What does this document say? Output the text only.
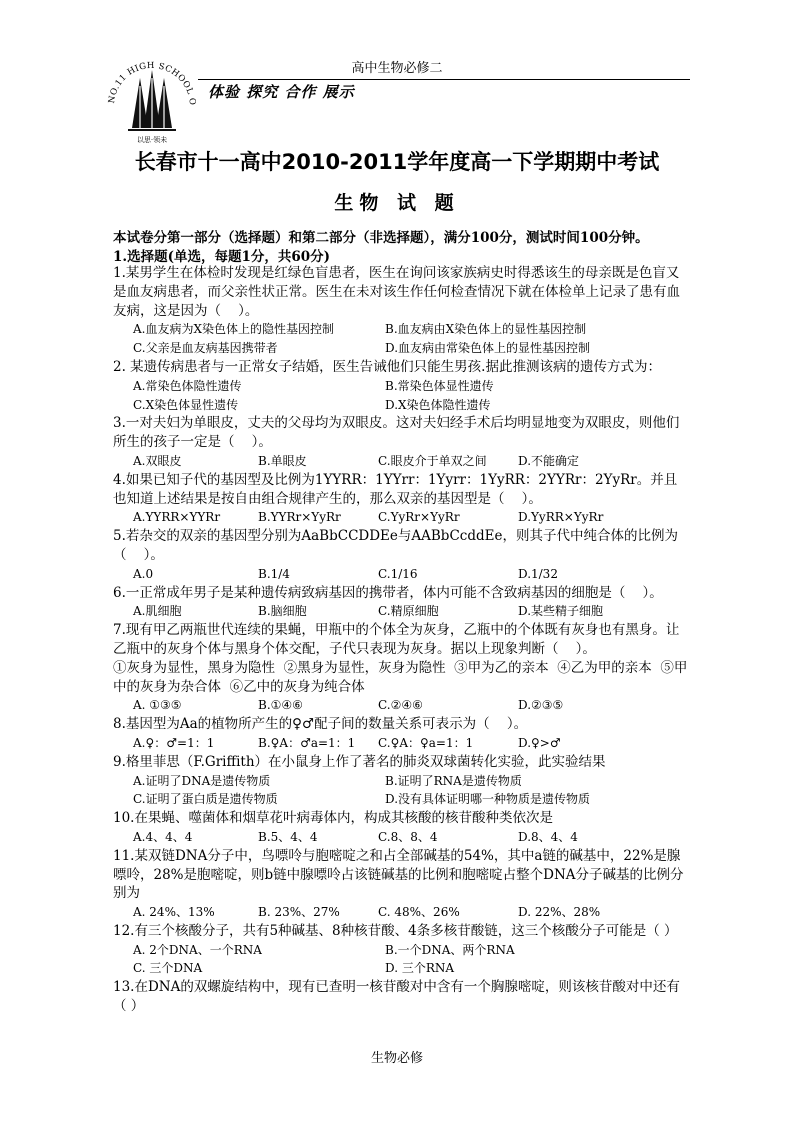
高中生物必修二
NO.11 HIGH SCHOOL O
以思·领未
体验 探究 合作 展示
长春市十一高中2010-2011学年度高一下学期期中考试
生物 试 题
本试卷分第一部分（选择题）和第二部分（非选择题），满分100分，测试时间100分钟。
1.选择题(单选，每题1分，共60分)
1.某男学生在体检时发现是红绿色盲患者，医生在询问该家族病史时得悉该生的母亲既是色盲又是血友病患者，而父亲性状正常。医生在未对该生作任何检查情况下就在体检单上记录了患有血友病，这是因为（    ）。
A.血友病为X染色体上的隐性基因控制	B.血友病由X染色体上的显性基因控制
C.父亲是血友病基因携带者	D.血友病由常染色体上的显性基因控制
2. 某遗传病患者与一正常女子结婚，医生告诫他们只能生男孩.据此推测该病的遗传方式为：
A.常染色体隐性遗传	B.常染色体显性遗传
C.X染色体显性遗传	D.X染色体隐性遗传
3.一对夫妇为单眼皮，丈夫的父母均为双眼皮。这对夫妇经手术后均明显地变为双眼皮，则他们所生的孩子一定是（    ）。
A.双眼皮	B.单眼皮	C.眼皮介于单双之间	D.不能确定
4.如果已知子代的基因型及比例为1YYRR：1YYrr：1Yyrr：1YyRR：2YYRr：2YyRr。并且也知道上述结果是按自由组合规律产生的，那么双亲的基因型是（    ）。
A.YYRR×YYRr	B.YYRr×YyRr	C.YyRr×YyRr	D.YyRR×YyRr
5.若杂交的双亲的基因型分别为AaBbCCDDEe与AABbCcddEe，则其子代中纯合体的比例为（    ）。
A.0	B.1/4	C.1/16	D.1/32
6.一正常成年男子是某种遗传病致病基因的携带者，体内可能不含致病基因的细胞是（    ）。
A.肌细胞	B.脑细胞	C.精原细胞	D.某些精子细胞
7.现有甲乙两瓶世代连续的果蝇，甲瓶中的个体全为灰身，乙瓶中的个体既有灰身也有黑身。让乙瓶中的灰身个体与黑身个体交配，子代只表现为灰身。据以上现象判断（    ）。
①灰身为显性，黑身为隐性  ②黑身为显性，灰身为隐性  ③甲为乙的亲本  ④乙为甲的亲本  ⑤甲中的灰身为杂合体  ⑥乙中的灰身为纯合体
A. ①③⑤	B.①④⑥	C.②④⑥	D.②③⑤
8.基因型为Aa的植物所产生的♀♂配子间的数量关系可表示为（    ）。
A.♀：♂=1：1	B.♀A：♂a=1：1 C.♀A：♀a=1：1	D.♀>♂
9.格里菲思（F.Griffith）在小鼠身上作了著名的肺炎双球菌转化实验，此实验结果
A.证明了DNA是遗传物质	B.证明了RNA是遗传物质
C.证明了蛋白质是遗传物质	D.没有具体证明哪一种物质是遗传物质
10.在果蝇、噬菌体和烟草花叶病毒体内，构成其核酸的核苷酸种类依次是
A.4、4、4	B.5、4、4	C.8、8、4	D.8、4、4
11.某双链DNA分子中，鸟嘌呤与胞嘧啶之和占全部碱基的54%，其中a链的碱基中，22%是腺嘌呤，28%是胞嘧啶，则b链中腺嘌呤占该链碱基的比例和胞嘧啶占整个DNA分子碱基的比例分别为
A. 24%、13%	B. 23%、27%	C. 48%、26%	D. 22%、28%
12.有三个核酸分子，共有5种碱基、8种核苷酸、4条多核苷酸链，这三个核酸分子可能是（ ）
A. 2个DNA、一个RNA	B.一个DNA、两个RNA
C. 三个DNA	D. 三个RNA
13.在DNA的双螺旋结构中，现有已查明一核苷酸对中含有一个胸腺嘧啶，则该核苷酸对中还有（ ）
生物必修
